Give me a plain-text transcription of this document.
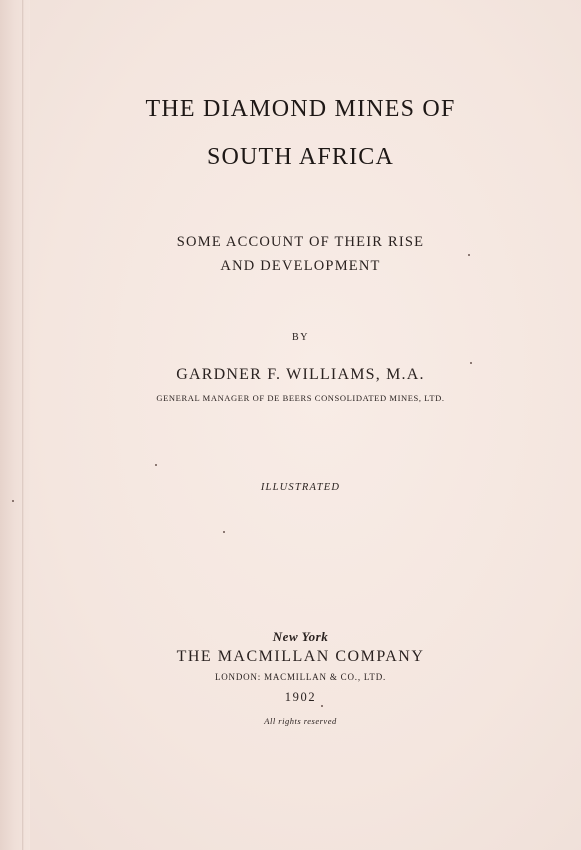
THE DIAMOND MINES OF
SOUTH AFRICA
SOME ACCOUNT OF THEIR RISE
AND DEVELOPMENT
BY
GARDNER F. WILLIAMS, M.A.
GENERAL MANAGER OF DE BEERS CONSOLIDATED MINES, LTD.
ILLUSTRATED
New York
THE MACMILLAN COMPANY
LONDON: MACMILLAN & CO., LTD.
1902
All rights reserved
